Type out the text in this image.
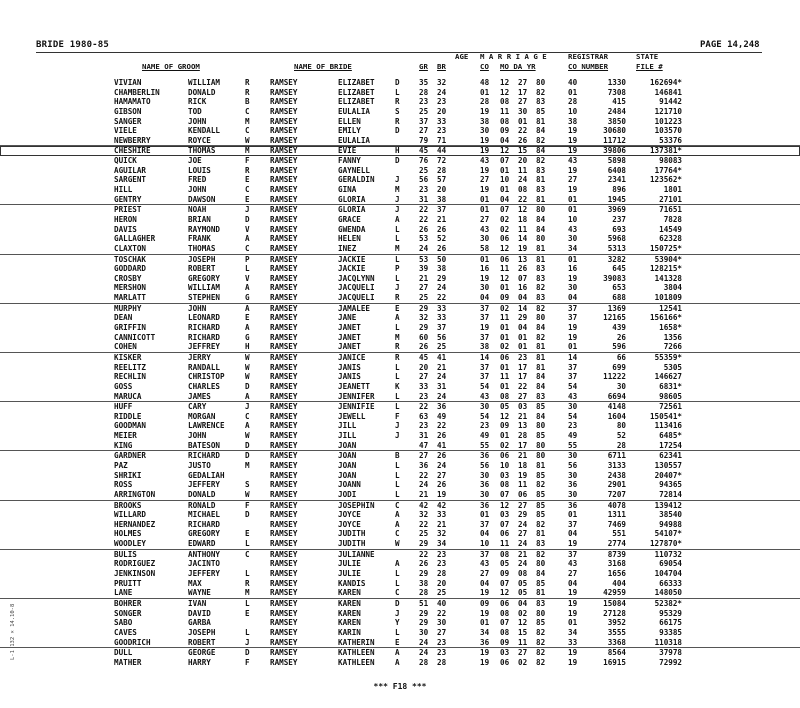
BRIDE 1980-85	PAGE 14,248
AGE M A R R I A G E	REGISTRAR	STATE
NAME OF GROOM	NAME OF BRIDE	GR BR	CO MO DA YR	CO NUMBER	FILE #
VIVIAN	WILLIAM	R	RAMSEY	ELIZABET	D	35 32	48 12 27 80	40	1330	162694*
CHAMBERLIN	DONALD	R	RAMSEY	ELIZABET	L	28 24	01 12 17 82	01	7308	146841
HAMAMATO	RICK	B	RAMSEY	ELIZABET	R	23 23	28 08 27 83	28	415	91442
GIBSON	TOD	C	RAMSEY	EULALIA	S	25 20	19 11 30 85	10	2484	121710
SANGER	JOHN	M	RAMSEY	ELLEN	R	37 33	38 08 01 81	38	3850	101223
VIELE	KENDALL	C	RAMSEY	EMILY	D	27 23	30 09 22 84	19	30680	103570
NEWBERRY	ROYCE	W	RAMSEY	EULALIA	79 71	19 04 26 82	19	11712	53376
CHESHIRE	THOMAS	M	RAMSEY	EVIE	H	45 44	19 12 15 84	19	39806	137381*
QUICK	JOE	F	RAMSEY	FANNY	D	76 72	43 07 20 82	43	5898	98083
AGUILAR	LOUIS	R	RAMSEY	GAYNELL	25 28	19 01 11 83	19	6408	17764*
SARGENT	FRED	E	RAMSEY	GERALDIN	J	56 57	27 10 24 81	27	2341	123562*
HILL	JOHN	C	RAMSEY	GINA	M	23 20	19 01 08 83	19	896	1801
GENTRY	DAWSON	E	RAMSEY	GLORIA	J	31 38	01 04 22 81	01	1945	27101
PRIEST	NOAH	J	RAMSEY	GLORIA	J	22 37	01 07 12 80	01	3969	71651
HERON	BRIAN	D	RAMSEY	GRACE	A	22 21	27 02 18 84	10	237	7828
DAVIS	RAYMOND	V	RAMSEY	GWENDA	L	26 26	43 02 11 84	43	693	14549
GALLAGHER	FRANK	A	RAMSEY	HELEN	L	53 52	30 06 14 80	30	5968	62328
CLAXTON	THOMAS	C	RAMSEY	INEZ	M	24 26	58 12 19 81	34	5313	150725*
TOSCHAK	JOSEPH	P	RAMSEY	JACKIE	L	53 50	01 06 13 81	01	3282	53904*
GODDARD	ROBERT	L	RAMSEY	JACKIE	P	39 38	16 11 26 83	16	645	128215*
CROSBY	GREGORY	V	RAMSEY	JACQLYNN	L	21 29	19 12 07 83	19	39083	141328
MERSHON	WILLIAM	A	RAMSEY	JACQUELI	J	27 24	30 01 16 82	30	653	3804
MARLATT	STEPHEN	G	RAMSEY	JACQUELI	R	25 22	04 09 04 83	04	688	101809
MURPHY	JOHN	A	RAMSEY	JAMALEE	E	29 33	37 02 14 82	37	1369	12541
DEAN	LEONARD	E	RAMSEY	JANE	A	32 33	37 11 29 80	37	12165	156166*
GRIFFIN	RICHARD	A	RAMSEY	JANET	L	29 37	19 01 04 84	19	439	1658*
CANNICOTT	RICHARD	G	RAMSEY	JANET	M	60 56	37 01 01 82	19	26	1356
COHEN	JEFFREY	H	RAMSEY	JANET	R	26 25	38 02 01 81	01	596	7266
KISKER	JERRY	W	RAMSEY	JANICE	R	45 41	14 06 23 81	14	66	55359*
REELITZ	RANDALL	W	RAMSEY	JANIS	L	20 21	37 01 17 81	37	699	5305
RECHLIN	CHRISTOP	W	RAMSEY	JANIS	L	27 24	37 11 17 84	37	11222	146627
GOSS	CHARLES	D	RAMSEY	JEANETT	K	33 31	54 01 22 84	54	30	6831*
MARUCA	JAMES	A	RAMSEY	JENNIFER	L	23 24	43 08 27 83	43	6694	98605
HUFF	CARY	J	RAMSEY	JENNIFIE	L	22 36	30 05 03 85	30	4148	72561
RIDDLE	MORGAN	C	RAMSEY	JEWELL	F	63 49	54 12 21 84	54	1604	150541*
GOODMAN	LAWRENCE	A	RAMSEY	JILL	J	23 22	23 09 13 80	23	80	113416
MEIER	JOHN	W	RAMSEY	JILL	J	31 26	49 01 28 85	49	52	6485*
KING	BATESON	D	RAMSEY	JOAN	47 41	55 02 17 80	55	28	17254
GARDNER	RICHARD	D	RAMSEY	JOAN	B	27 26	36 06 21 80	30	6711	62341
PAZ	JUSTO	M	RAMSEY	JOAN	L	36 24	56 10 18 81	56	3133	130557
SHRIKI	GEDALIAH	RAMSEY	JOAN	L	22 27	30 03 19 85	30	2438	20407*
ROSS	JEFFERY	S	RAMSEY	JOANN	L	24 26	36 08 11 82	36	2901	94365
ARRINGTON	DONALD	W	RAMSEY	JODI	L	21 19	30 07 06 85	30	7207	72814
BROOKS	RONALD	F	RAMSEY	JOSEPHIN	C	42 42	36 12 27 85	36	4078	139412
WILLARD	MICHAEL	D	RAMSEY	JOYCE	A	32 33	01 03 29 85	01	1311	38540
HERNANDEZ	RICHARD	RAMSEY	JOYCE	A	22 21	37 07 24 82	37	7469	94988
HOLMES	GREGORY	E	RAMSEY	JUDITH	C	25 32	04 06 27 81	04	551	54107*
WOODLEY	EDWARD	L	RAMSEY	JUDITH	W	29 34	10 11 24 83	19	2774	127870*
BULIS	ANTHONY	C	RAMSEY	JULIANNE	22 23	37 08 21 82	37	8739	110732
RODRIGUEZ	JACINTO	RAMSEY	JULIE	A	26 23	43 05 24 80	43	3168	69054
JENKINSON	JEFFERY	L	RAMSEY	JULIE	L	29 28	27 09 08 84	27	1656	104704
PRUITT	MAX	R	RAMSEY	KANDIS	L	38 20	04 07 05 85	04	404	66333
LANE	WAYNE	M	RAMSEY	KAREN	C	28 25	19 12 05 81	19	42959	148050
BOHRER	IVAN	L	RAMSEY	KAREN	D	51 40	09 06 04 83	19	15084	52382*
SONGER	DAVID	E	RAMSEY	KAREN	J	29 22	19 08 02 80	19	27128	95329
SABO	GARBA	RAMSEY	KAREN	Y	29 30	01 07 12 85	01	3952	66175
CAVES	JOSEPH	L	RAMSEY	KARIN	L	30 27	34 08 15 82	34	3555	93385
GOODRICH	ROBERT	J	RAMSEY	KATHERIN	E	24 23	36 09 11 82	33	3368	110318
DULL	GEORGE	D	RAMSEY	KATHLEEN	A	24 23	19 03 27 82	19	8564	37978
MATHER	HARRY	F	RAMSEY	KATHLEEN	A	28 28	19 06 02 82	19	16915	72992
*** F18 ***
L-1 132 × 14.10-8
